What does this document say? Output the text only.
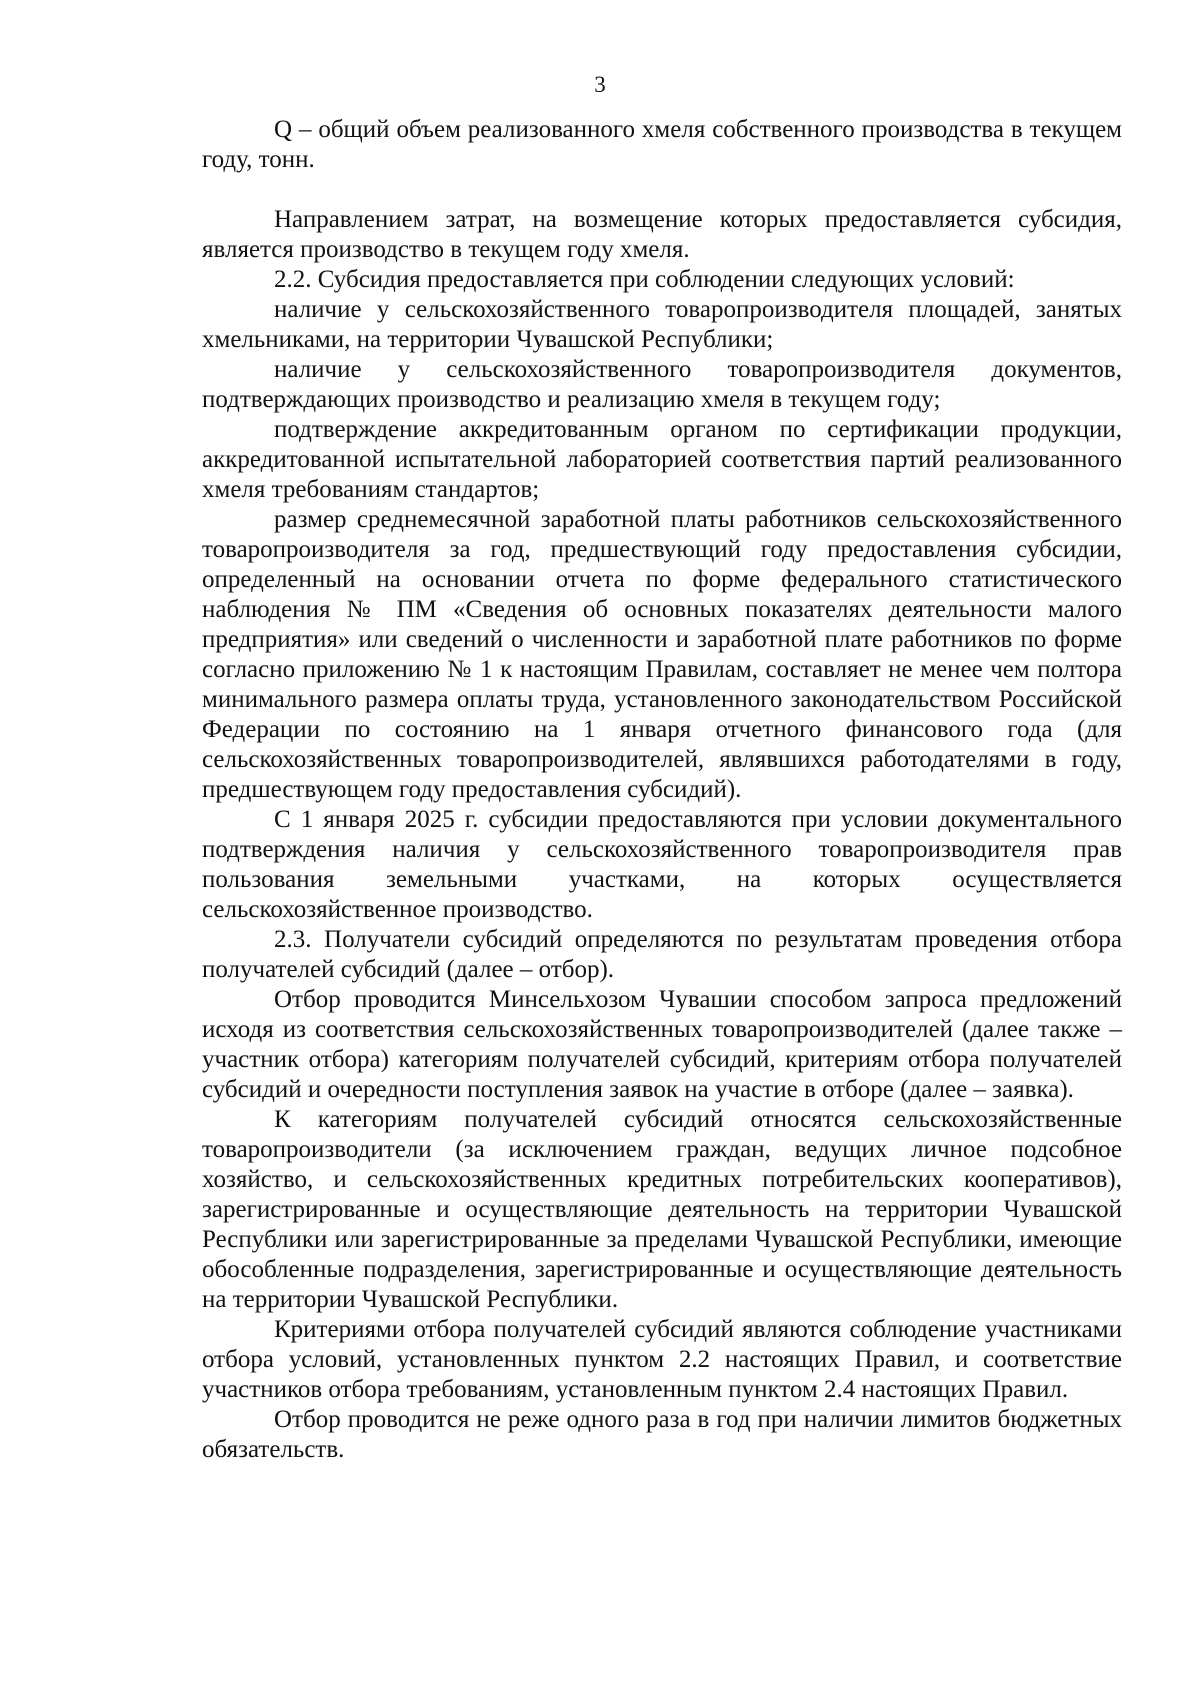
3

Q – общий объем реализованного хмеля собственного производства в текущем году, тонн.

Направлением затрат, на возмещение которых предоставляется субсидия, является производство в текущем году хмеля.

2.2. Субсидия предоставляется при соблюдении следующих условий:

наличие у сельскохозяйственного товаропроизводителя площадей, занятых хмельниками, на территории Чувашской Республики;

наличие у сельскохозяйственного товаропроизводителя документов, подтверждающих производство и реализацию хмеля в текущем году;

подтверждение аккредитованным органом по сертификации продукции, аккредитованной испытательной лабораторией соответствия партий реализованного хмеля требованиям стандартов;

размер среднемесячной заработной платы работников сельскохозяйственного товаропроизводителя за год, предшествующий году предоставления субсидии, определенный на основании отчета по форме федерального статистического наблюдения № ПМ «Сведения об основных показателях деятельности малого предприятия» или сведений о численности и заработной плате работников по форме согласно приложению № 1 к настоящим Правилам, составляет не менее чем полтора минимального размера оплаты труда, установленного законодательством Российской Федерации по состоянию на 1 января отчетного финансового года (для сельскохозяйственных товаропроизводителей, являвшихся работодателями в году, предшествующем году предоставления субсидий).

С 1 января 2025 г. субсидии предоставляются при условии документального подтверждения наличия у сельскохозяйственного товаропроизводителя прав пользования земельными участками, на которых осуществляется сельскохозяйственное производство.

2.3. Получатели субсидий определяются по результатам проведения отбора получателей субсидий (далее – отбор).

Отбор проводится Минсельхозом Чувашии способом запроса предложений исходя из соответствия сельскохозяйственных товаропроизводителей (далее также – участник отбора) категориям получателей субсидий, критериям отбора получателей субсидий и очередности поступления заявок на участие в отборе (далее – заявка).

К категориям получателей субсидий относятся сельскохозяйственные товаропроизводители (за исключением граждан, ведущих личное подсобное хозяйство, и сельскохозяйственных кредитных потребительских кооперативов), зарегистрированные и осуществляющие деятельность на территории Чувашской Республики или зарегистрированные за пределами Чувашской Республики, имеющие обособленные подразделения, зарегистрированные и осуществляющие деятельность на территории Чувашской Республики.

Критериями отбора получателей субсидий являются соблюдение участниками отбора условий, установленных пунктом 2.2 настоящих Правил, и соответствие участников отбора требованиям, установленным пунктом 2.4 настоящих Правил.

Отбор проводится не реже одного раза в год при наличии лимитов бюджетных обязательств.
